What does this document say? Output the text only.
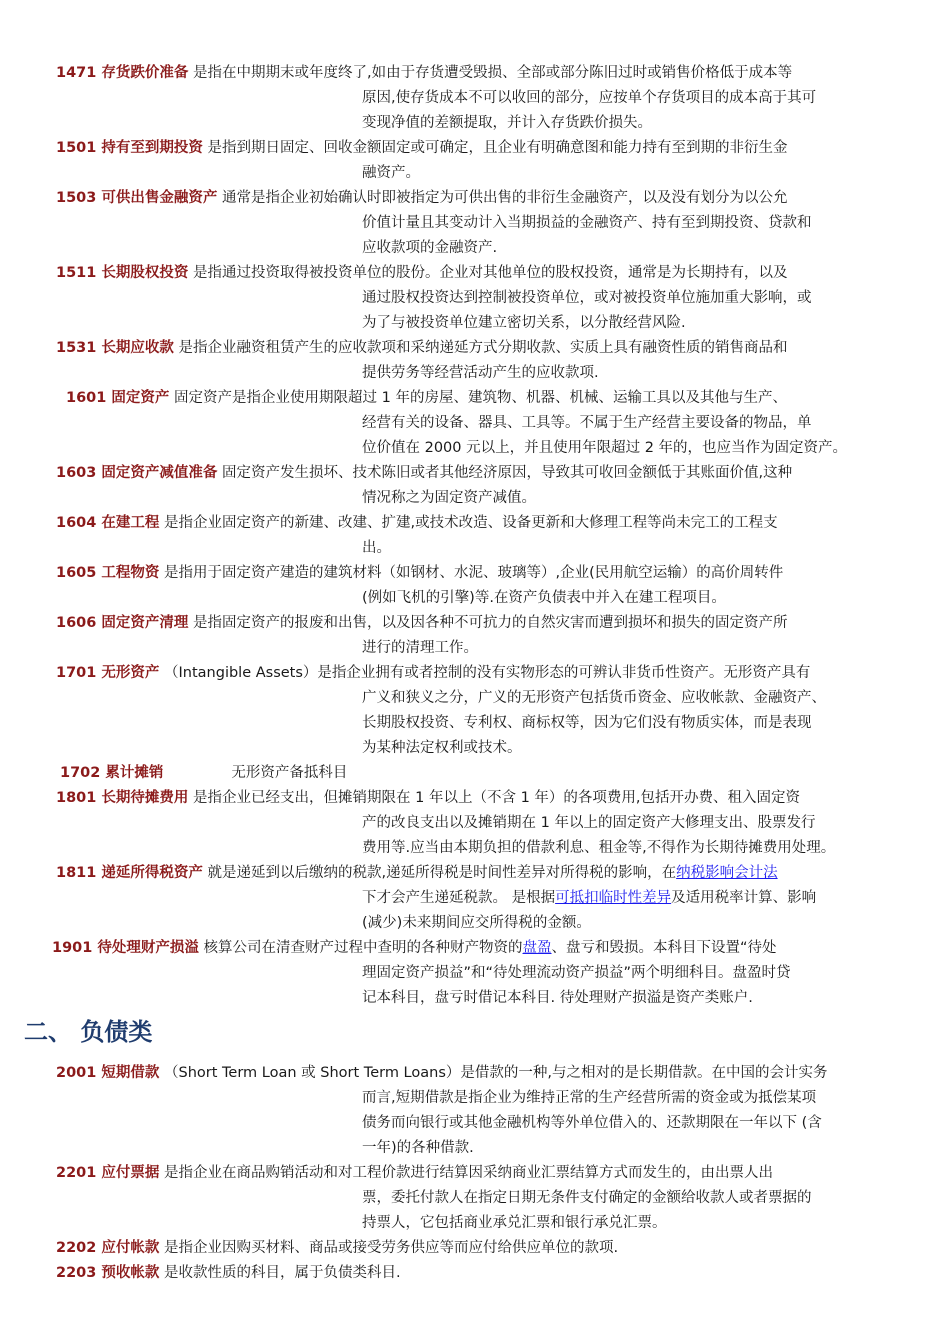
1471 存货跌价准备 是指在中期期末或年度终了,如由于存货遭受毁损、全部或部分陈旧过时或销售价格低于成本等
原因,使存货成本不可以收回的部分，应按单个存货项目的成本高于其可
变现净值的差额提取，并计入存货跌价损失。
1501 持有至到期投资 是指到期日固定、回收金额固定或可确定，且企业有明确意图和能力持有至到期的非衍生金
融资产。
1503 可供出售金融资产 通常是指企业初始确认时即被指定为可供出售的非衍生金融资产，以及没有划分为以公允
价值计量且其变动计入当期损益的金融资产、持有至到期投资、贷款和
应收款项的金融资产.
1511 长期股权投资 是指通过投资取得被投资单位的股份。企业对其他单位的股权投资，通常是为长期持有，以及
通过股权投资达到控制被投资单位，或对被投资单位施加重大影响，或
为了与被投资单位建立密切关系，以分散经营风险.
1531 长期应收款 是指企业融资租赁产生的应收款项和采纳递延方式分期收款、实质上具有融资性质的销售商品和
提供劳务等经营活动产生的应收款项.
1601 固定资产 固定资产是指企业使用期限超过 1 年的房屋、建筑物、机器、机械、运输工具以及其他与生产、
经营有关的设备、器具、工具等。不属于生产经营主要设备的物品，单
位价值在 2000 元以上，并且使用年限超过 2 年的，也应当作为固定资产。
1603 固定资产减值准备 固定资产发生损坏、技术陈旧或者其他经济原因，导致其可收回金额低于其账面价值,这种
情况称之为固定资产减值。
1604 在建工程 是指企业固定资产的新建、改建、扩建,或技术改造、设备更新和大修理工程等尚未完工的工程支
出。
1605 工程物资 是指用于固定资产建造的建筑材料（如钢材、水泥、玻璃等）,企业(民用航空运输）的高价周转件
(例如飞机的引擎)等.在资产负债表中并入在建工程项目。
1606 固定资产清理 是指固定资产的报废和出售，以及因各种不可抗力的自然灾害而遭到损坏和损失的固定资产所
进行的清理工作。
1701 无形资产 （Intangible Assets）是指企业拥有或者控制的没有实物形态的可辨认非货币性资产。无形资产具有
广义和狭义之分，广义的无形资产包括货币资金、应收帐款、金融资产、
长期股权投资、专利权、商标权等，因为它们没有物质实体，而是表现
为某种法定权利或技术。
1702 累计摊销	无形资产备抵科目
1801 长期待摊费用 是指企业已经支出，但摊销期限在 1 年以上（不含 1 年）的各项费用,包括开办费、租入固定资
产的改良支出以及摊销期在 1 年以上的固定资产大修理支出、股票发行
费用等.应当由本期负担的借款利息、租金等,不得作为长期待摊费用处理。
1901 待处理财产损溢 核算公司在清查财产过程中查明的各种财产物资的盘盈、盘亏和毁损。本科目下设置“待处
理固定资产损益”和“待处理流动资产损益”两个明细科目。盘盈时贷
记本科目，盘亏时借记本科目. 待处理财产损溢是资产类账户.
2001 短期借款 （Short Term Loan 或 Short Term Loans）是借款的一种,与之相对的是长期借款。在中国的会计实务
而言,短期借款是指企业为维持正常的生产经营所需的资金或为抵偿某项
债务而向银行或其他金融机构等外单位借入的、还款期限在一年以下 (含
一年)的各种借款.
2201 应付票据 是指企业在商品购销活动和对工程价款进行结算因采纳商业汇票结算方式而发生的，由出票人出
票，委托付款人在指定日期无条件支付确定的金额给收款人或者票据的
持票人，它包括商业承兑汇票和银行承兑汇票。
2202 应付帐款 是指企业因购买材料、商品或接受劳务供应等而应付给供应单位的款项.
2203 预收帐款 是收款性质的科目，属于负债类科目.
1811 递延所得税资产 就是递延到以后缴纳的税款,递延所得税是时间性差异对所得税的影响，在纳税影响会计法
下才会产生递延税款。 是根据可抵扣临时性差异及适用税率计算、影响
(减少)未来期间应交所得税的金额。
二、 负债类
